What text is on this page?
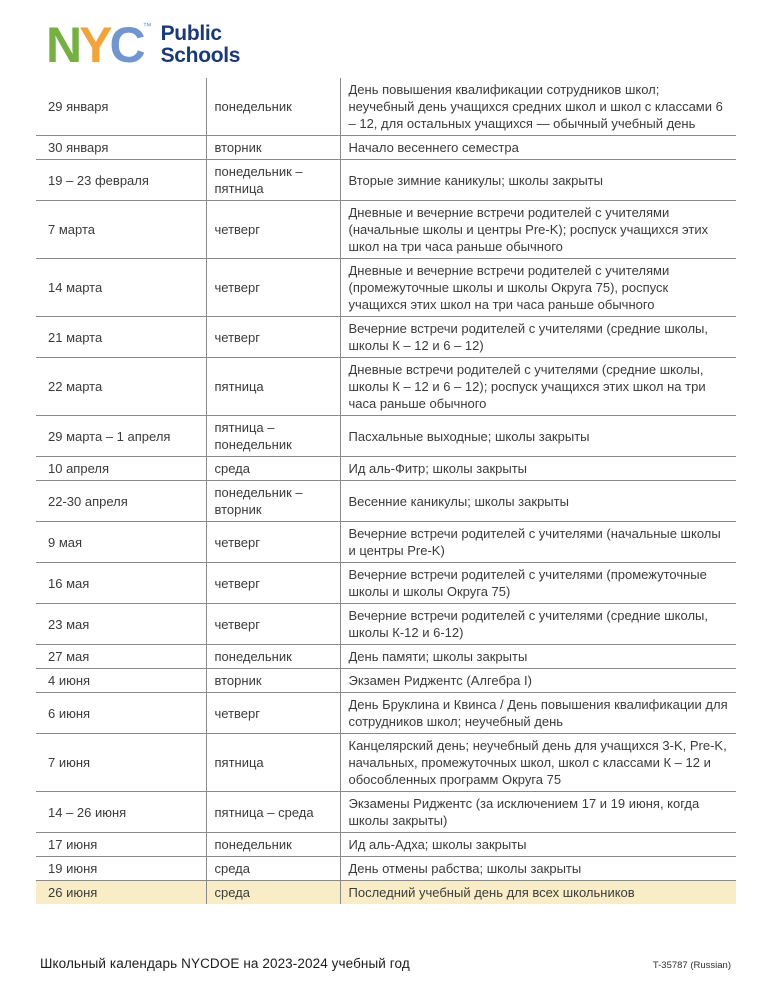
N Y C ™ Public
Schools
29 января	понедельник	День повышения квалификации сотрудников школ; неучебный день учащихся средних школ и школ с классами 6 – 12, для остальных учащихся — обычный учебный день
30 января	вторник	Начало весеннего семестра
19 – 23 февраля	понедельник – пятница	Вторые зимние каникулы; школы закрыты
7 марта	четверг	Дневные и вечерние встречи родителей с учителями (начальные школы и центры Pre-K); роспуск учащихся этих школ на три часа раньше обычного
14 марта	четверг	Дневные и вечерние встречи родителей с учителями (промежуточные школы и школы Округа 75), роспуск учащихся этих школ на три часа раньше обычного
21 марта	четверг	Вечерние встречи родителей с учителями (средние школы, школы К – 12 и 6 – 12)
22 марта	пятница	Дневные встречи родителей с учителями (средние школы, школы К – 12 и 6 – 12); роспуск учащихся этих школ на три часа раньше обычного
29 марта – 1 апреля	пятница – понедельник	Пасхальные выходные; школы закрыты
10 апреля	среда	Ид аль-Фитр; школы закрыты
22-30 апреля	понедельник – вторник	Весенние каникулы; школы закрыты
9 мая	четверг	Вечерние встречи родителей с учителями (начальные школы и центры Pre-K)
16 мая	четверг	Вечерние встречи родителей с учителями (промежуточные школы и школы Округа 75)
23 мая	четверг	Вечерние встречи родителей с учителями (средние школы, школы К-12 и 6-12)
27 мая	понедельник	День памяти; школы закрыты
4 июня	вторник	Экзамен Риджентс (Алгебра I)
6 июня	четверг	День Бруклина и Квинса / День повышения квалификации для сотрудников школ; неучебный день
7 июня	пятница	Канцелярский день; неучебный день для учащихся 3-K, Pre-K, начальных, промежуточных школ, школ с классами К – 12 и обособленных программ Округа 75
14 – 26 июня	пятница – среда	Экзамены Риджентс (за исключением 17 и 19 июня, когда школы закрыты)
17 июня	понедельник	Ид аль-Адха; школы закрыты
19 июня	среда	День отмены рабства; школы закрыты
26 июня	среда	Последний учебный день для всех школьников
Школьный календарь NYCDOE на 2023-2024 учебный год	T-35787 (Russian)
